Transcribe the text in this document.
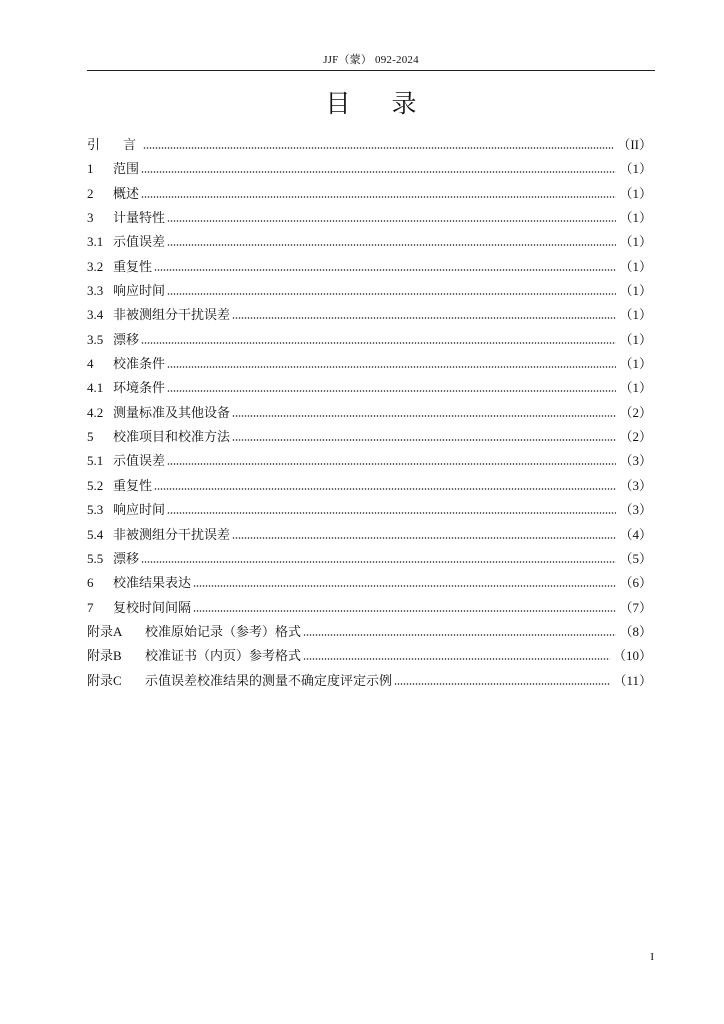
JJF（蒙） 092-2024
目　录
引　言	（II）
1	范围	（1）
2	概述	（1）
3	计量特性	（1）
3.1 示值误差	（1）
3.2 重复性	（1）
3.3 响应时间	（1）
3.4 非被测组分干扰误差	（1）
3.5 漂移	（1）
4	校准条件	（1）
4.1 环境条件	（1）
4.2 测量标准及其他设备	（2）
5	校准项目和校准方法	（2）
5.1 示值误差	（3）
5.2 重复性	（3）
5.3 响应时间	（3）
5.4 非被测组分干扰误差	（4）
5.5 漂移	（5）
6	校准结果表达	（6）
7	复校时间间隔	（7）
附录A	校准原始记录（参考）格式	（8）
附录B	校准证书（内页）参考格式	（10）
附录C	示值误差校准结果的测量不确定度评定示例	（11）
I
